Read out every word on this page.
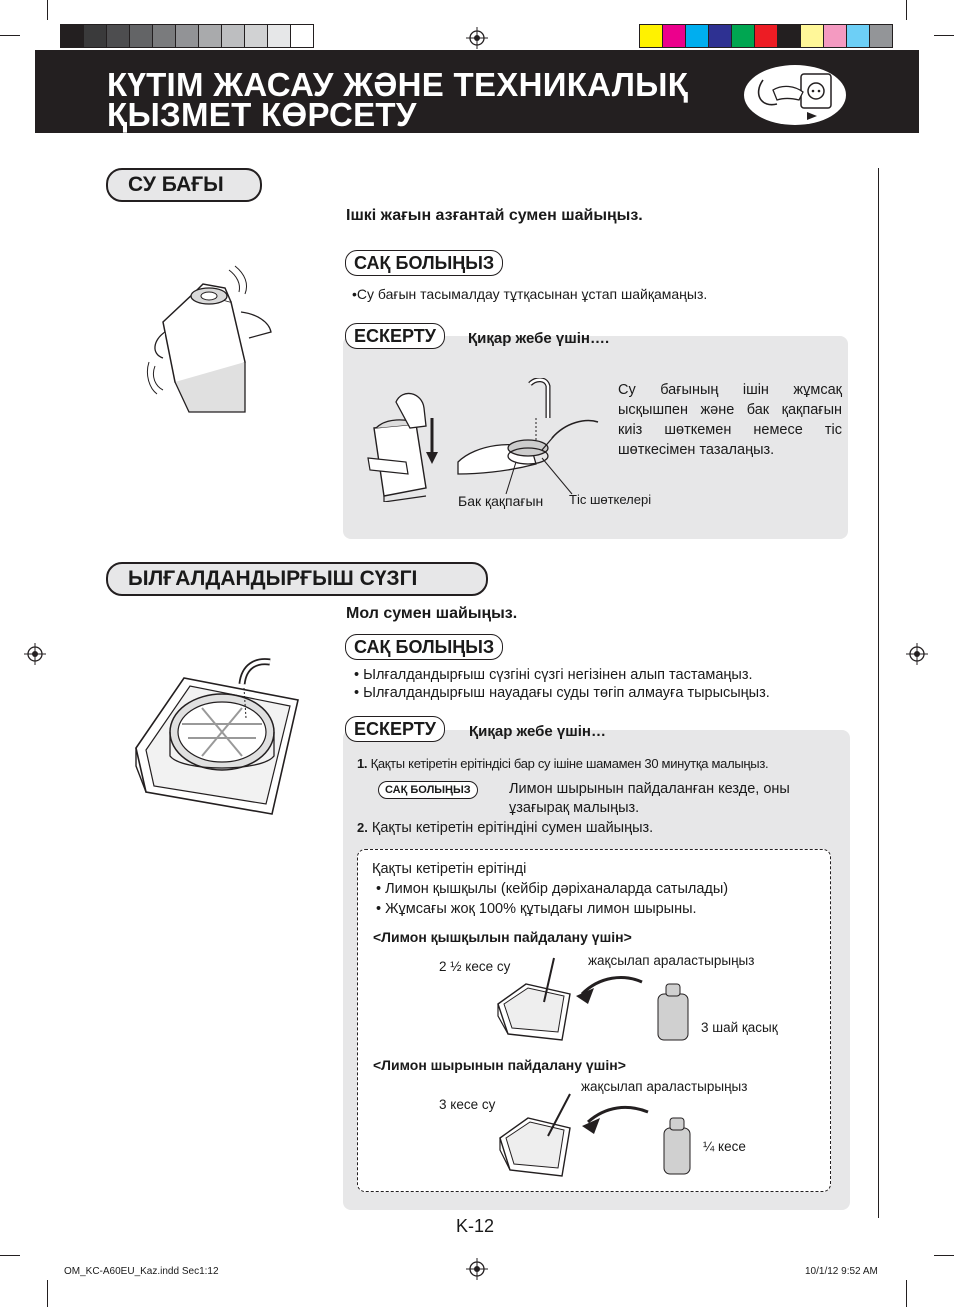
КҮТІМ ЖАСАУ ЖӘНЕ ТЕХНИКАЛЫҚ
ҚЫЗМЕТ КӨРСЕТУ
СУ БАҒЫ
Ішкі жағын азғантай сумен шайыңыз.
САҚ БОЛЫҢЫЗ
•Су бағын тасымалдау тұтқасынан ұстап шайқамаңыз.
ЕСКЕРТУ	Қиқар жебе үшін….
Су бағының ішін жұмсақ ысқышпен және бак қақпағын киіз шөткемен немесе тіс шөткесімен тазалаңыз.
Бак қақпағын Тіс шөткелері
ЫЛҒАЛДАНДЫРҒЫШ СҮЗГІ
Мол сумен шайыңыз.
САҚ БОЛЫҢЫЗ
• Ылғалдандырғыш сүзгіні сүзгі негізінен алып тастамаңыз.
• Ылғалдандырғыш науадағы суды төгіп алмауға тырысыңыз.
ЕСКЕРТУ	Қиқар жебе үшін…
1. Қақты кетіретін ерітіндісі бар су ішіне шамамен 30 минутқа малыңыз.
САҚ БОЛЫҢЫЗ	Лимон шырынын пайдаланған кезде, оны
ұзағырақ малыңыз.
2. Қақты кетіретін ерітіндіні сумен шайыңыз.
Қақты кетіретін ерітінді
• Лимон қышқылы (кейбір дәріханаларда сатылады)
• Жұмсағы жоқ 100% құтыдағы лимон шырыны.
<Лимон қышқылын пайдалану үшін>
2 ½ кесе су	жақсылап араластырыңыз
3 шай қасық
<Лимон шырынын пайдалану үшін>
3 кесе су
жақсылап араластырыңыз
¼ кесе
K-12
OM_KC-A60EU_Kaz.indd Sec1:12	10/1/12 9:52 AM
